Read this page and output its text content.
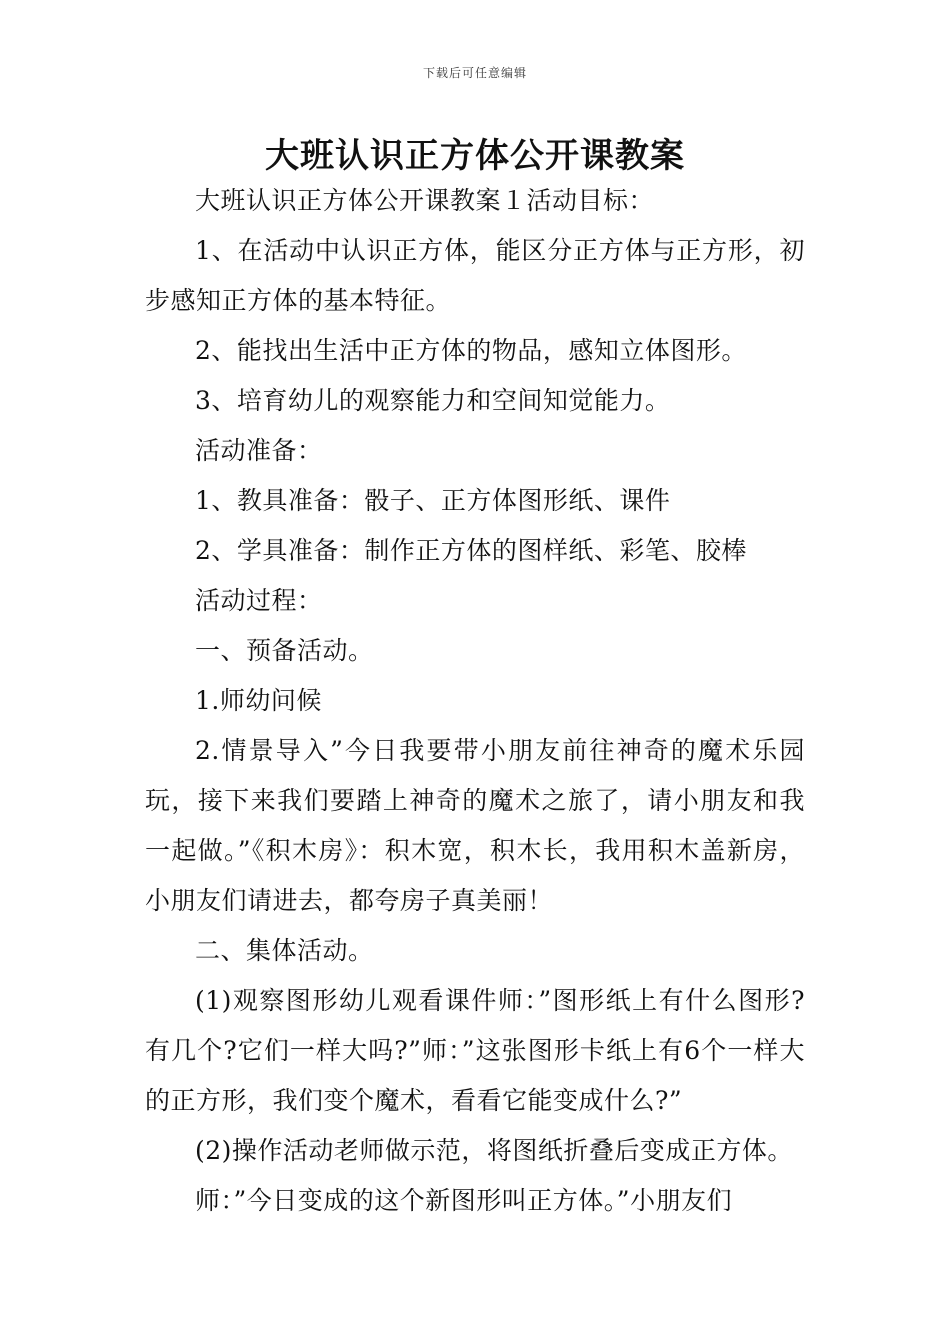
下载后可任意编辑
大班认识正方体公开课教案

大班认识正方体公开课教案１活动目标：

1、在活动中认识正方体，能区分正方体与正方形，初步感知正方体的基本特征。

2、能找出生活中正方体的物品，感知立体图形。

3、培育幼儿的观察能力和空间知觉能力。

活动准备：

1、教具准备：骰子、正方体图形纸、课件

2、学具准备：制作正方体的图样纸、彩笔、胶棒

活动过程：

一、预备活动。

1.师幼问候

2.情景导入”今日我要带小朋友前往神奇的魔术乐园玩，接下来我们要踏上神奇的魔术之旅了，请小朋友和我一起做。”《积木房》：积木宽，积木长，我用积木盖新房，小朋友们请进去，都夸房子真美丽！

二、集体活动。

(1)观察图形幼儿观看课件师：”图形纸上有什么图形?有几个?它们一样大吗?”师：”这张图形卡纸上有6个一样大的正方形，我们变个魔术，看看它能变成什么?”

(2)操作活动老师做示范，将图纸折叠后变成正方体。

师：”今日变成的这个新图形叫正方体。”小朋友们
